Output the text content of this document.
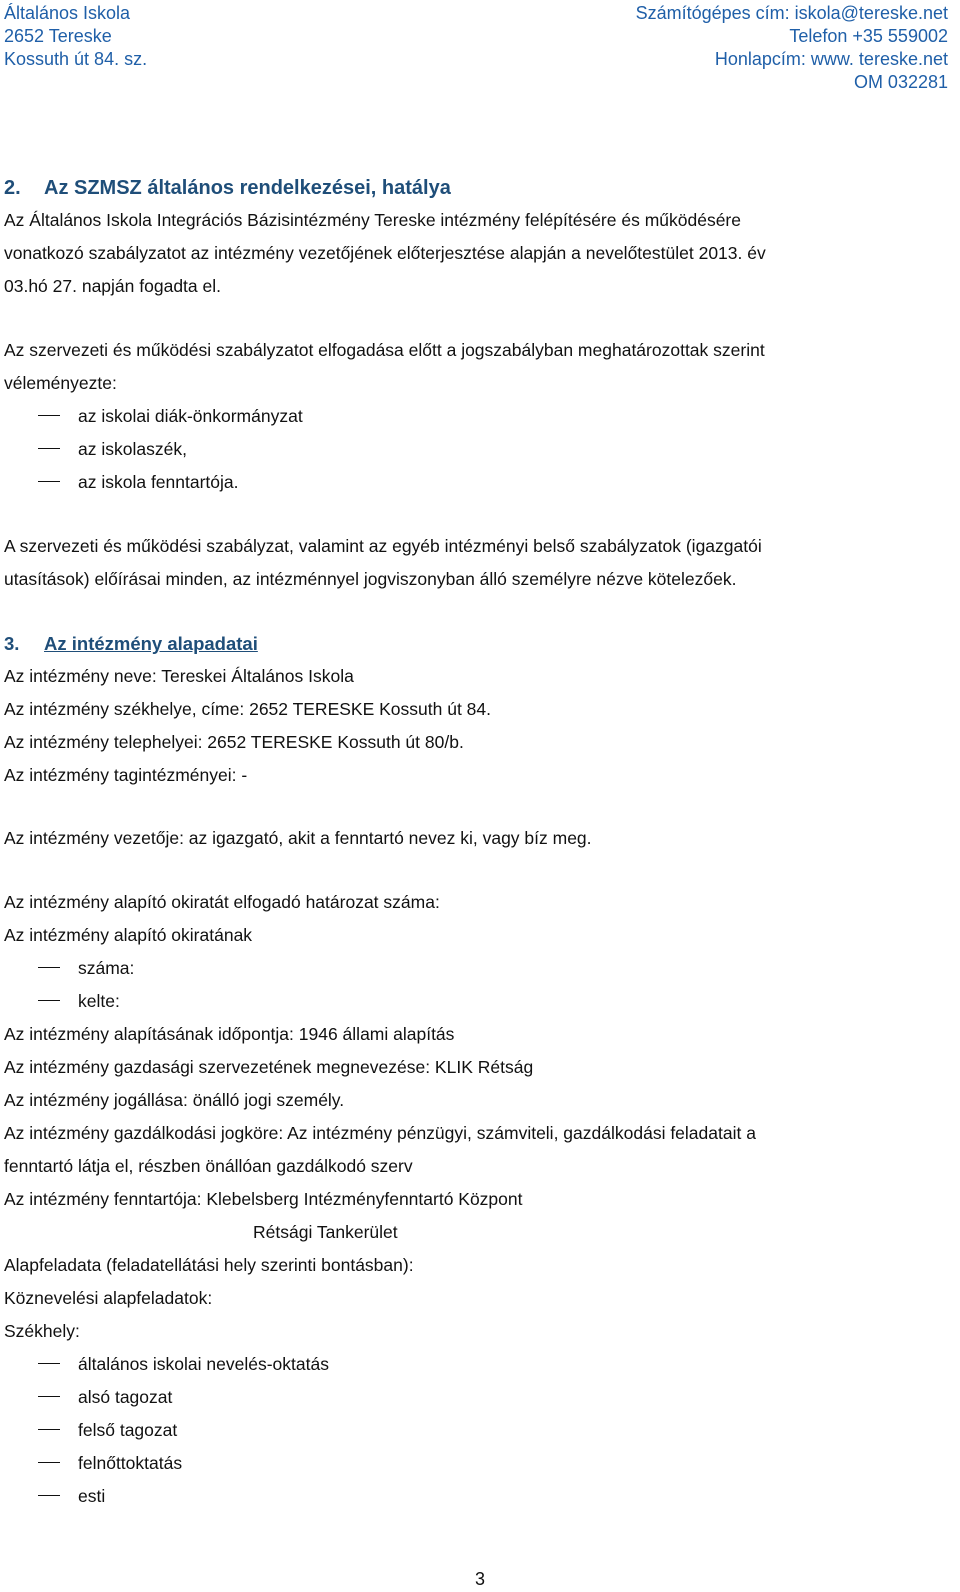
Általános Iskola
2652 Tereske
Kossuth út 84. sz.
Számítógépes cím: iskola@tereske.net
Telefon +35 559002
Honlapcím: www. tereske.net
OM 032281
2. Az SZMSZ általános rendelkezései, hatálya
Az Általános Iskola Integrációs Bázisintézmény Tereske intézmény felépítésére és működésére
vonatkozó szabályzatot az intézmény vezetőjének előterjesztése alapján a nevelőtestület 2013. év
03.hó 27. napján fogadta el.
Az szervezeti és működési szabályzatot elfogadása előtt a jogszabályban meghatározottak szerint
véleményezte:
az iskolai diák-önkormányzat
az iskolaszék,
az iskola fenntartója.
A szervezeti és működési szabályzat, valamint az egyéb intézményi belső szabályzatok (igazgatói
utasítások) előírásai minden, az intézménnyel jogviszonyban álló személyre nézve kötelezőek.
3. Az intézmény alapadatai
Az intézmény neve: Tereskei Általános Iskola
Az intézmény székhelye, címe: 2652 TERESKE Kossuth út 84.
Az intézmény telephelyei: 2652 TERESKE Kossuth út 80/b.
Az intézmény tagintézményei: -
Az intézmény vezetője: az igazgató, akit a fenntartó nevez ki, vagy bíz meg.
Az intézmény alapító okiratát elfogadó határozat száma:
Az intézmény alapító okiratának
száma:
kelte:
Az intézmény alapításának időpontja: 1946 állami alapítás
Az intézmény gazdasági szervezetének megnevezése: KLIK Rétság
Az intézmény jogállása: önálló jogi személy.
Az intézmény gazdálkodási jogköre: Az intézmény pénzügyi, számviteli, gazdálkodási feladatait a
fenntartó látja el, részben önállóan gazdálkodó szerv
Az intézmény fenntartója: Klebelsberg Intézményfenntartó Központ
Rétsági Tankerület
Alapfeladata (feladatellátási hely szerinti bontásban):
Köznevelési alapfeladatok:
Székhely:
általános iskolai nevelés-oktatás
alsó tagozat
felső tagozat
felnőttoktatás
esti
3
